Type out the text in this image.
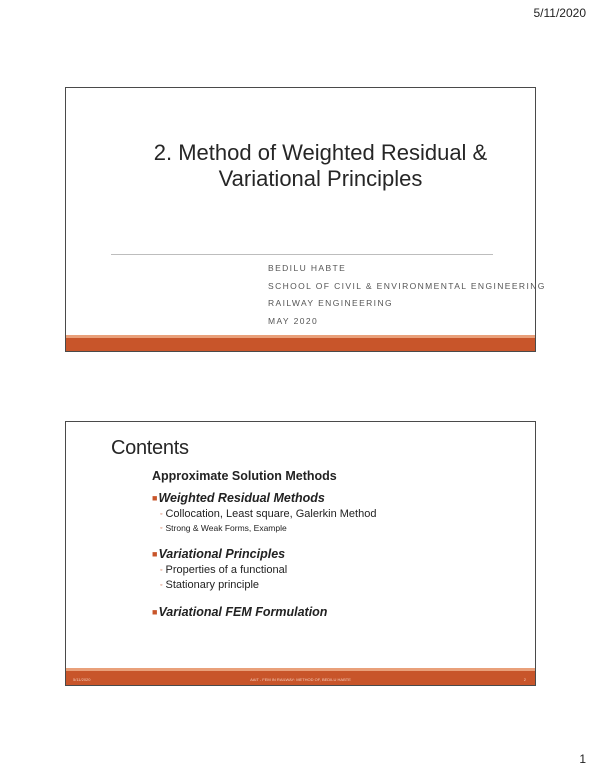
5/11/2020
2. Method of Weighted Residual &
Variational Principles
BEDILU HABTE
SCHOOL OF CIVIL & ENVIRONMENTAL ENGINEERING
RAILWAY ENGINEERING
MAY 2020
Contents
Approximate Solution Methods
■Weighted Residual Methods
◦ Collocation, Least square, Galerkin Method
◦ Strong & Weak Forms, Example
■Variational Principles
◦ Properties of a functional
◦ Stationary principle
■Variational FEM Formulation
5/11/2020	AAiT - FEM IN RAILWAY: METHOD OF, BEDILU HABTE	2
1
